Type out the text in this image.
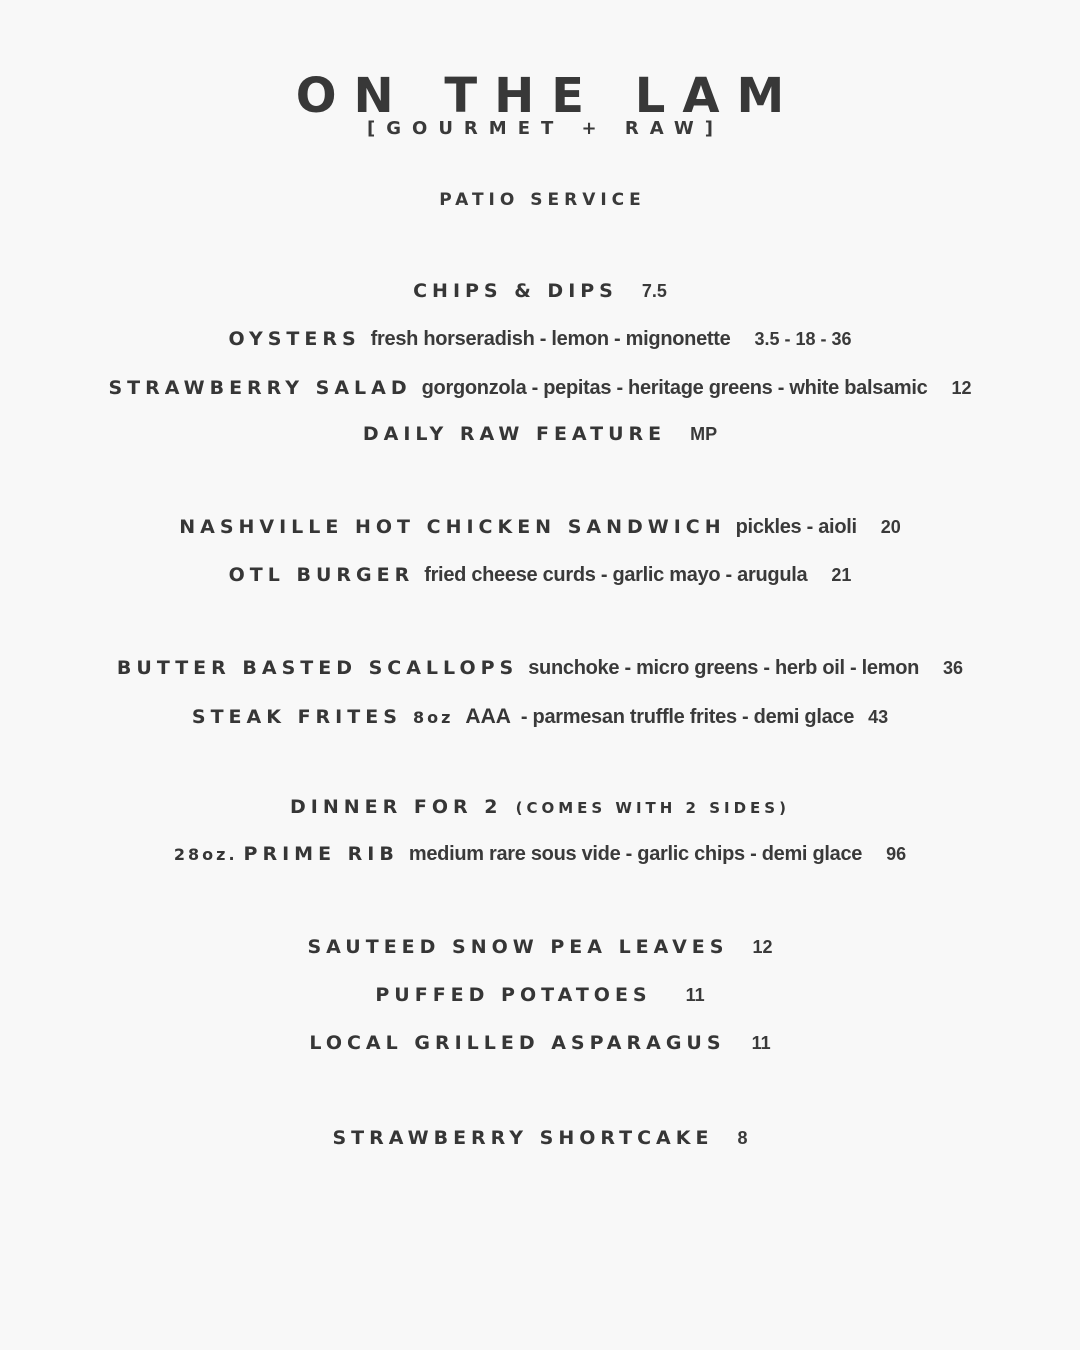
ON THE LAM
[GOURMET + RAW]
PATIO SERVICE
CHIPS & DIPS 7.5
OYSTERS fresh horseradish - lemon - mignonette 3.5 - 18 - 36
STRAWBERRY SALAD gorgonzola - pepitas - heritage greens - white balsamic 12
DAILY RAW FEATURE MP
NASHVILLE HOT CHICKEN SANDWICH pickles - aioli 20
OTL BURGER fried cheese curds - garlic mayo - arugula 21
BUTTER BASTED SCALLOPS sunchoke - micro greens - herb oil - lemon 36
STEAK FRITES 8oz AAA - parmesan truffle frites - demi glace 43
DINNER FOR 2 (COMES WITH 2 SIDES)
28oz. PRIME RIB medium rare sous vide - garlic chips - demi glace 96
SAUTEED SNOW PEA LEAVES 12
PUFFED POTATOES 11
LOCAL GRILLED ASPARAGUS 11
STRAWBERRY SHORTCAKE 8
